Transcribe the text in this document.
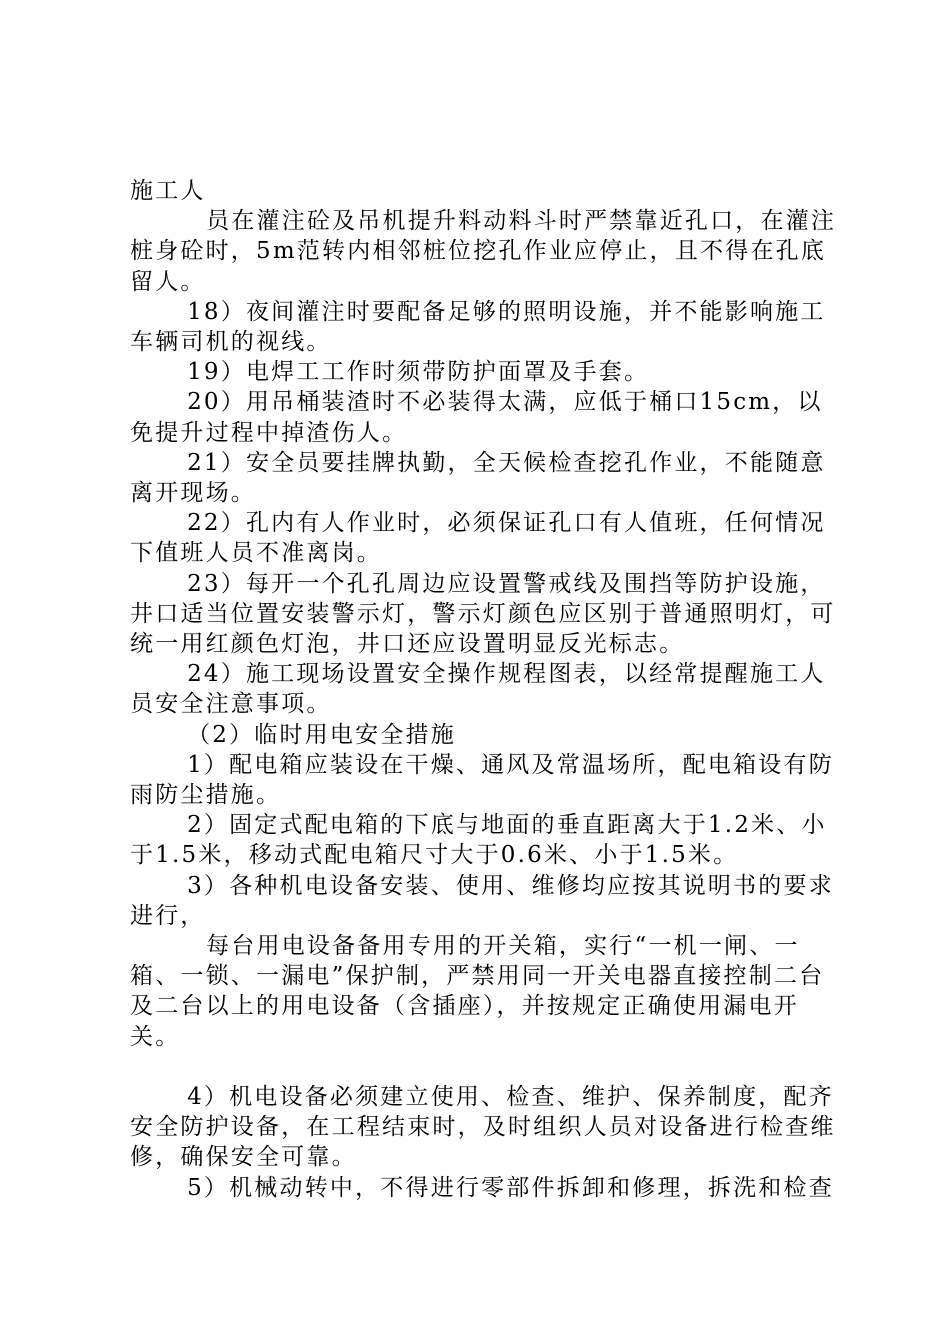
施工人

员在灌注砼及吊机提升料动料斗时严禁靠近孔口，在灌注桩身砼时，5m范转内相邻桩位挖孔作业应停止，且不得在孔底留人。

18）夜间灌注时要配备足够的照明设施，并不能影响施工车辆司机的视线。

19）电焊工工作时须带防护面罩及手套。

20）用吊桶装渣时不必装得太满，应低于桶口15cm，以免提升过程中掉渣伤人。

21）安全员要挂牌执勤，全天候检查挖孔作业，不能随意离开现场。

22）孔内有人作业时，必须保证孔口有人值班，任何情况下值班人员不准离岗。

23）每开一个孔孔周边应设置警戒线及围挡等防护设施，井口适当位置安装警示灯，警示灯颜色应区别于普通照明灯，可统一用红颜色灯泡，井口还应设置明显反光标志。

24）施工现场设置安全操作规程图表，以经常提醒施工人员安全注意事项。

（2）临时用电安全措施

1）配电箱应装设在干燥、通风及常温场所，配电箱设有防雨防尘措施。

2）固定式配电箱的下底与地面的垂直距离大于1.2米、小于1.5米，移动式配电箱尺寸大于0.6米、小于1.5米。

3）各种机电设备安装、使用、维修均应按其说明书的要求进行，

每台用电设备备用专用的开关箱，实行“一机一闸、一箱、一锁、一漏电”保护制，严禁用同一开关电器直接控制二台及二台以上的用电设备（含插座），并按规定正确使用漏电开关。

4）机电设备必须建立使用、检查、维护、保养制度，配齐安全防护设备，在工程结束时，及时组织人员对设备进行检查维修，确保安全可靠。

5）机械动转中，不得进行零部件拆卸和修理，拆洗和检查
